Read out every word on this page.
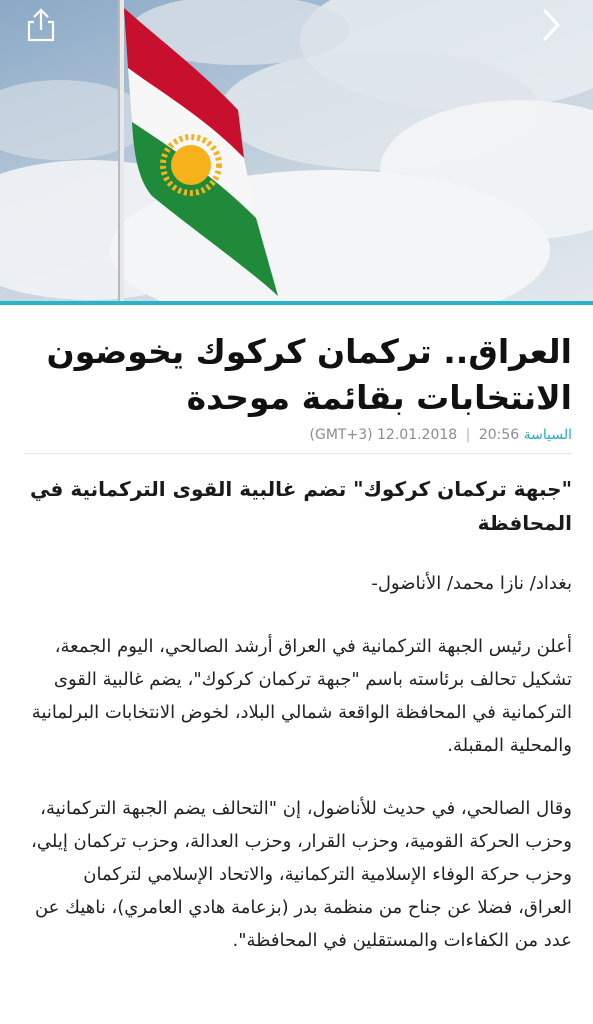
العراق.. تركمان كركوك يخوضون الانتخابات بقائمة موحدة
السياسة (GMT+3) 12.01.2018 | 20:56

"جبهة تركمان كركوك" تضم غالبية القوى التركمانية في المحافظة

بغداد/ نازا محمد/ الأناضول-

أعلن رئيس الجبهة التركمانية في العراق أرشد الصالحي، اليوم الجمعة، تشكيل تحالف برئاسته باسم "جبهة تركمان كركوك"، يضم غالبية القوى التركمانية في المحافظة الواقعة شمالي البلاد، لخوض الانتخابات البرلمانية والمحلية المقبلة.

وقال الصالحي، في حديث للأناضول، إن "التحالف يضم الجبهة التركمانية، وحزب الحركة القومية، وحزب القرار، وحزب العدالة، وحزب تركمان إيلي، وحزب حركة الوفاء الإسلامية التركمانية، والاتحاد الإسلامي لتركمان العراق، فضلا عن جناح من منظمة بدر (بزعامة هادي العامري)، ناهيك عن عدد من الكفاءات والمستقلين في المحافظة".
